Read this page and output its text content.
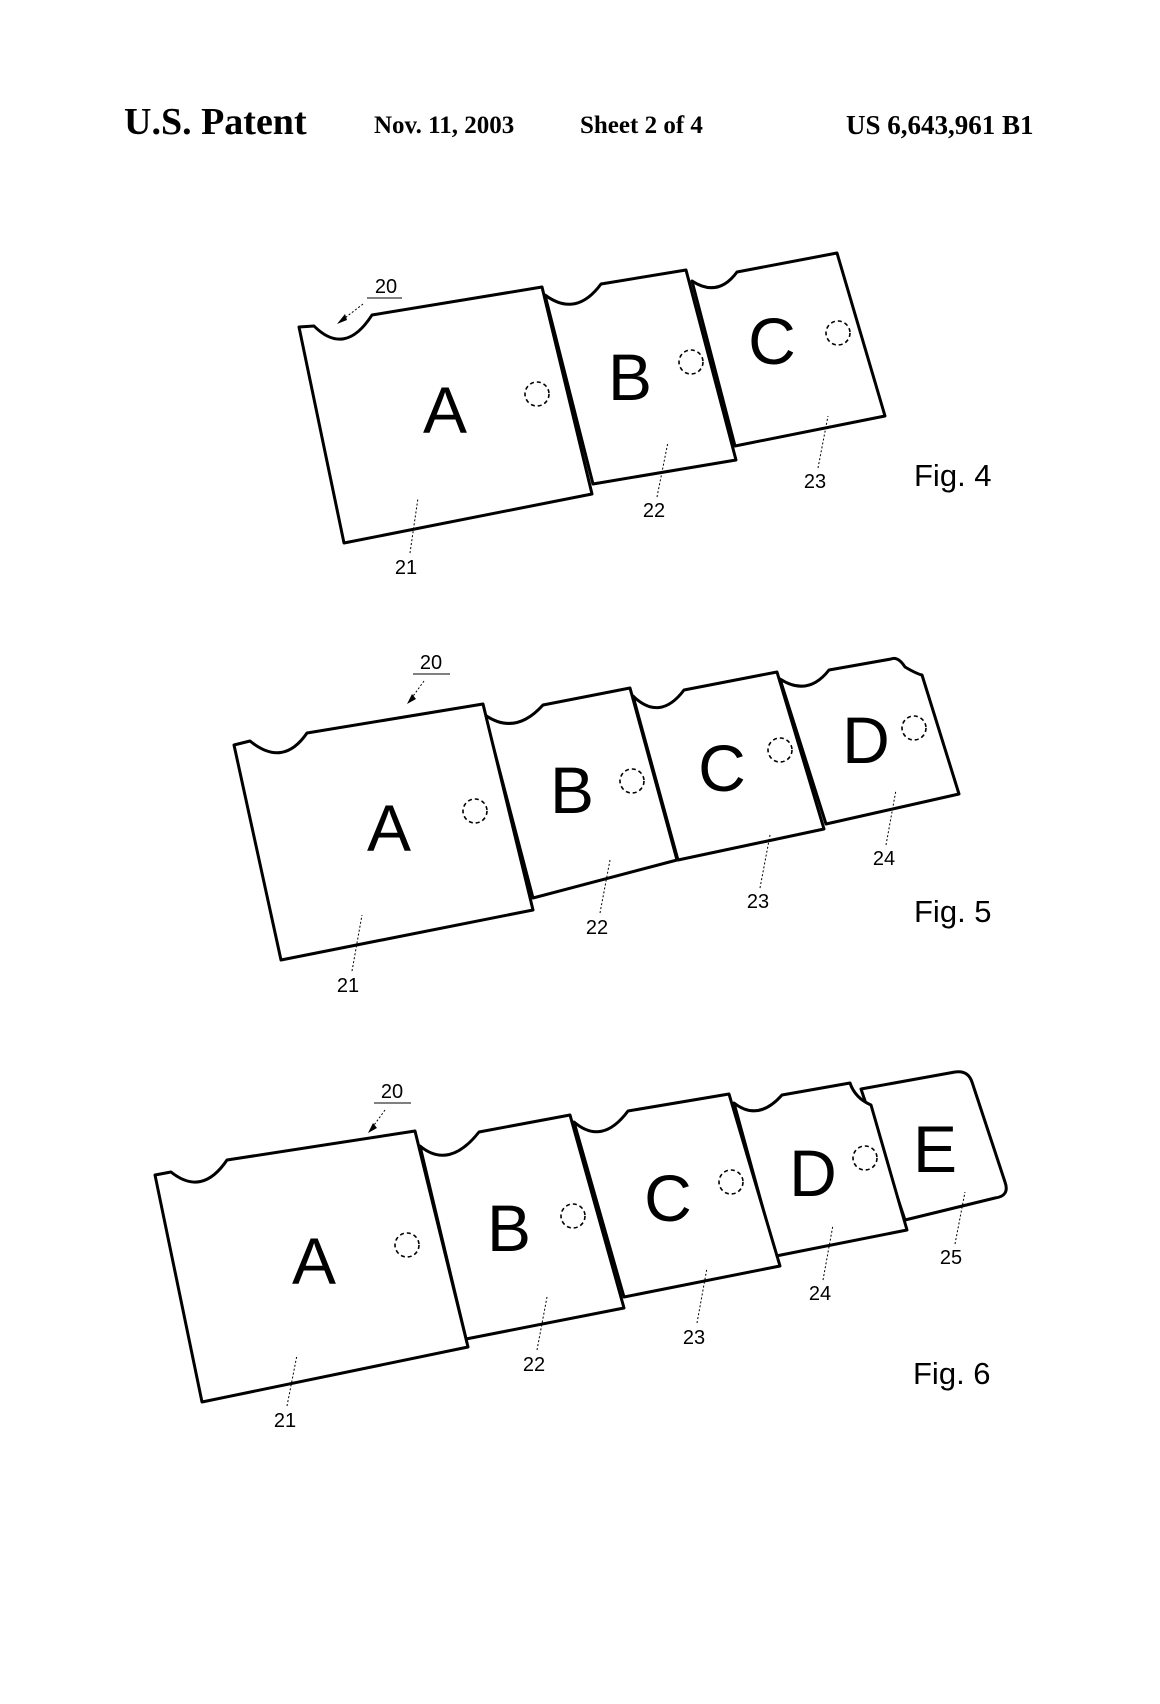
U.S. Patent	Nov. 11, 2003	Sheet 2 of 4	US 6,643,961 B1
C
23
B
22
A
21
20
Fig. 4
D
24
C
23
B
22
A
21
20
Fig. 5
E
25
D
24
C
23
B
22
A
21
20
Fig. 6
